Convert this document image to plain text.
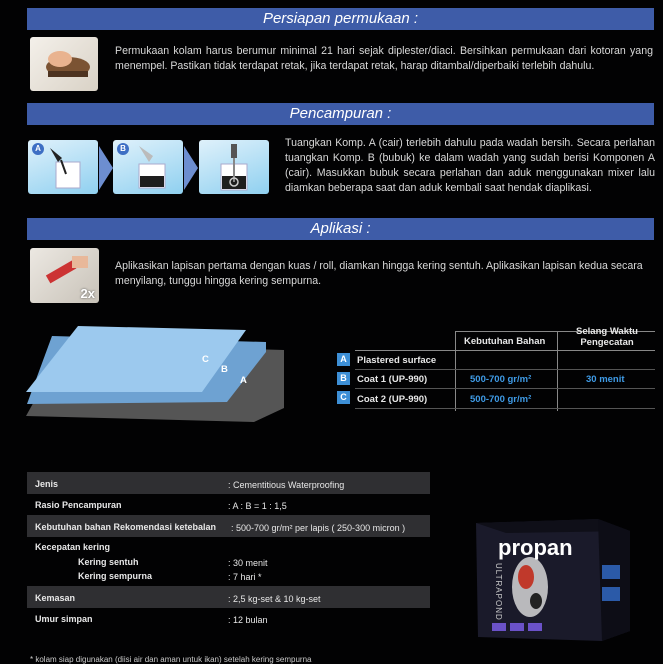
Persiapan permukaan :
Permukaan kolam harus berumur minimal 21 hari sejak diplester/diaci. Bersihkan permukaan dari kotoran yang menempel. Pastikan tidak terdapat retak, jika terdapat retak, harap ditambal/diperbaiki terlebih dahulu.
Pencampuran :
A	B	Tuangkan Komp. A (cair) terlebih dahulu pada wadah bersih. Secara perlahan tuangkan Komp. B (bubuk) ke dalam wadah yang sudah berisi Komponen A (cair). Masukkan bubuk secara perlahan dan aduk menggunakan mixer lalu diamkan beberapa saat dan aduk kembali saat hendak diaplikasi.
Aplikasi :
2x
Aplikasikan lapisan pertama dengan kuas / roll, diamkan hingga kering sentuh. Aplikasikan lapisan kedua secara menyilang, tunggu hingga kering sempurna.
C
B
A
Kebutuhan Bahan
Selang Waktu
Pengecatan
A	Plastered surface
B	Coat 1 (UP-990)	500-700 gr/m²	30 menit
C	Coat 2 (UP-990)	500-700 gr/m²
Jenis	: Cementitious Waterproofing
Rasio Pencampuran	: A : B = 1 : 1,5
Kebutuhan bahan Rekomendasi ketebalan : 500-700 gr/m² per lapis ( 250-300 micron )
Kecepatan kering
Kering sentuh	: 30 menit
Kering sempurna	: 7 hari *
Kemasan	: 2,5 kg-set & 10 kg-set
Umur simpan	: 12 bulan
propan
ULTRAPOND
* kolam siap digunakan (diisi air dan aman untuk ikan) setelah kering sempurna
